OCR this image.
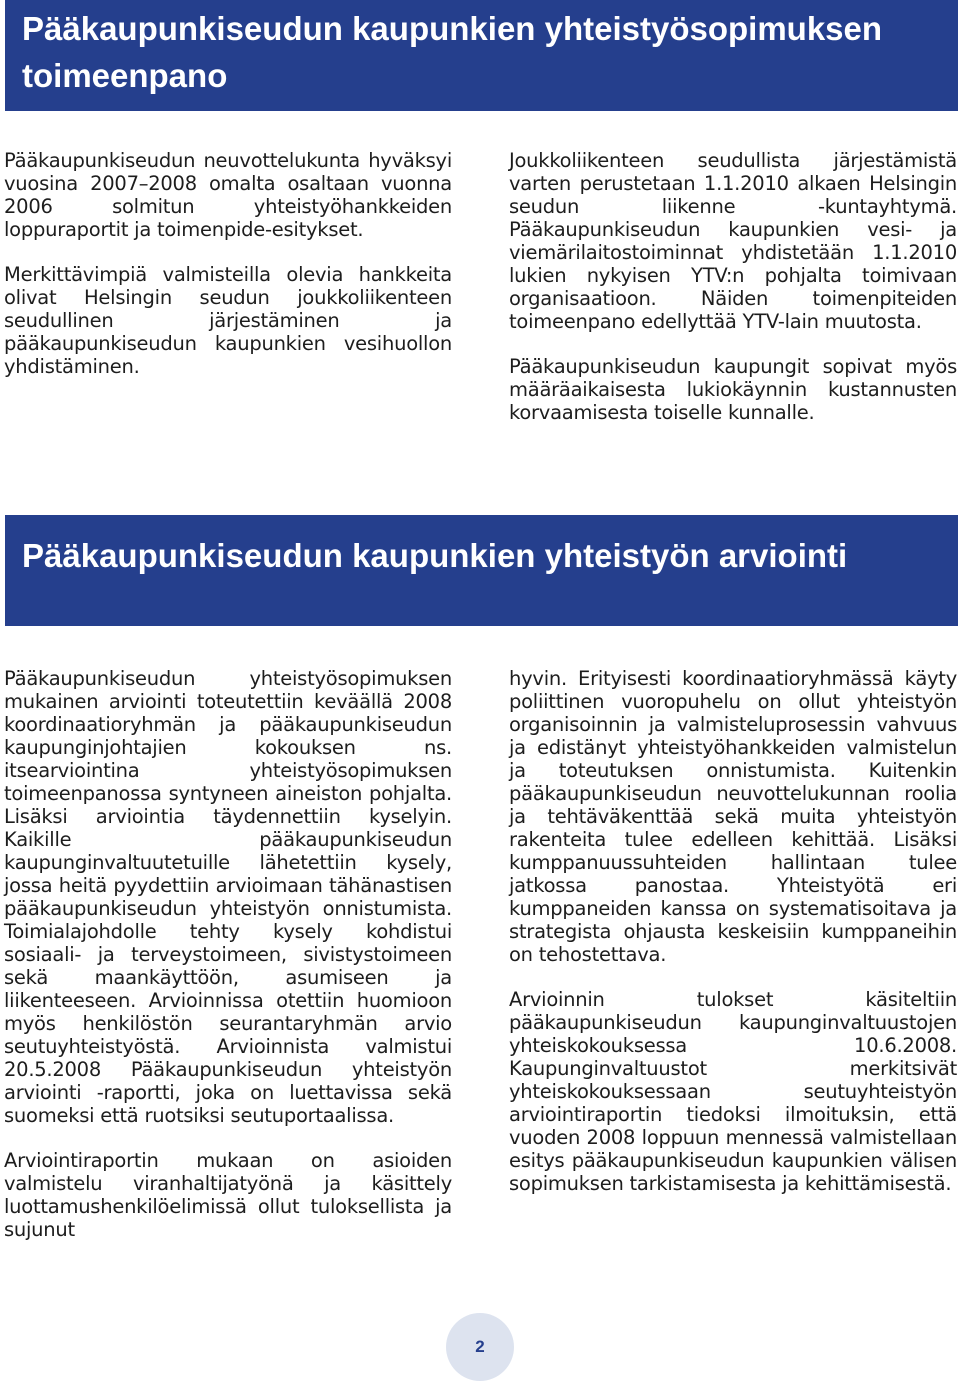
Pääkaupunkiseudun kaupunkien yhteistyösopimuksen toimeenpano

Pääkaupunkiseudun neuvottelukunta hyväksyi vuosina 2007–2008 omalta osaltaan vuonna 2006 solmitun yhteistyöhankkeiden loppuraportit ja toimenpide-esitykset.

Merkittävimpiä valmisteilla olevia hankkeita olivat Helsingin seudun joukkoliikenteen seudullinen järjestäminen ja pääkaupunkiseudun kaupunkien vesihuollon yhdistäminen.

Joukkoliikenteen seudullista järjestämistä varten perustetaan 1.1.2010 alkaen Helsingin seudun liikenne -kuntayhtymä. Pääkaupunkiseudun kaupunkien vesi- ja viemärilaitostoiminnat yhdistetään 1.1.2010 lukien nykyisen YTV:n pohjalta toimivaan organisaatioon. Näiden toimenpiteiden toimeenpano edellyttää YTV-lain muutosta.

Pääkaupunkiseudun kaupungit sopivat myös määräaikaisesta lukiokäynnin kustannusten korvaamisesta toiselle kunnalle.

Pääkaupunkiseudun kaupunkien yhteistyön arviointi

Pääkaupunkiseudun yhteistyösopimuksen mukainen arviointi toteutettiin keväällä 2008 koordinaatioryhmän ja pääkaupunkiseudun kaupunginjohtajien kokouksen ns. itsearviointina yhteistyösopimuksen toimeenpanossa syntyneen aineiston pohjalta. Lisäksi arviointia täydennettiin kyselyin. Kaikille pääkaupunkiseudun kaupunginvaltuutetuille lähetettiin kysely, jossa heitä pyydettiin arvioimaan tähänastisen pääkaupunkiseudun yhteistyön onnistumista. Toimialajohdolle tehty kysely kohdistui sosiaali- ja terveystoimeen, sivistystoimeen sekä maankäyttöön, asumiseen ja liikenteeseen. Arvioinnissa otettiin huomioon myös henkilöstön seurantaryhmän arvio seutuyhteistyöstä. Arvioinnista valmistui 20.5.2008 Pääkaupunkiseudun yhteistyön arviointi -raportti, joka on luettavissa sekä suomeksi että ruotsiksi seutuportaalissa.

Arviointiraportin mukaan on asioiden valmistelu viranhaltijatyönä ja käsittely luottamushenkilöelimissä ollut tuloksellista ja sujunut

hyvin. Erityisesti koordinaatioryhmässä käyty poliittinen vuoropuhelu on ollut yhteistyön organisoinnin ja valmisteluprosessin vahvuus ja edistänyt yhteistyöhankkeiden valmistelun ja toteutuksen onnistumista. Kuitenkin pääkaupunkiseudun neuvottelukunnan roolia ja tehtäväkenttää sekä muita yhteistyön rakenteita tulee edelleen kehittää. Lisäksi kumppanuussuhteiden hallintaan tulee jatkossa panostaa. Yhteistyötä eri kumppaneiden kanssa on systematisoitava ja strategista ohjausta keskeisiin kumppaneihin on tehostettava.

Arvioinnin tulokset käsiteltiin pääkaupunkiseudun kaupunginvaltuustojen yhteiskokouksessa 10.6.2008. Kaupunginvaltuustot merkitsivät yhteiskokouksessaan seutuyhteistyön arviointiraportin tiedoksi ilmoituksin, että vuoden 2008 loppuun mennessä valmistellaan esitys pääkaupunkiseudun kaupunkien välisen sopimuksen tarkistamisesta ja kehittämisestä.

2
